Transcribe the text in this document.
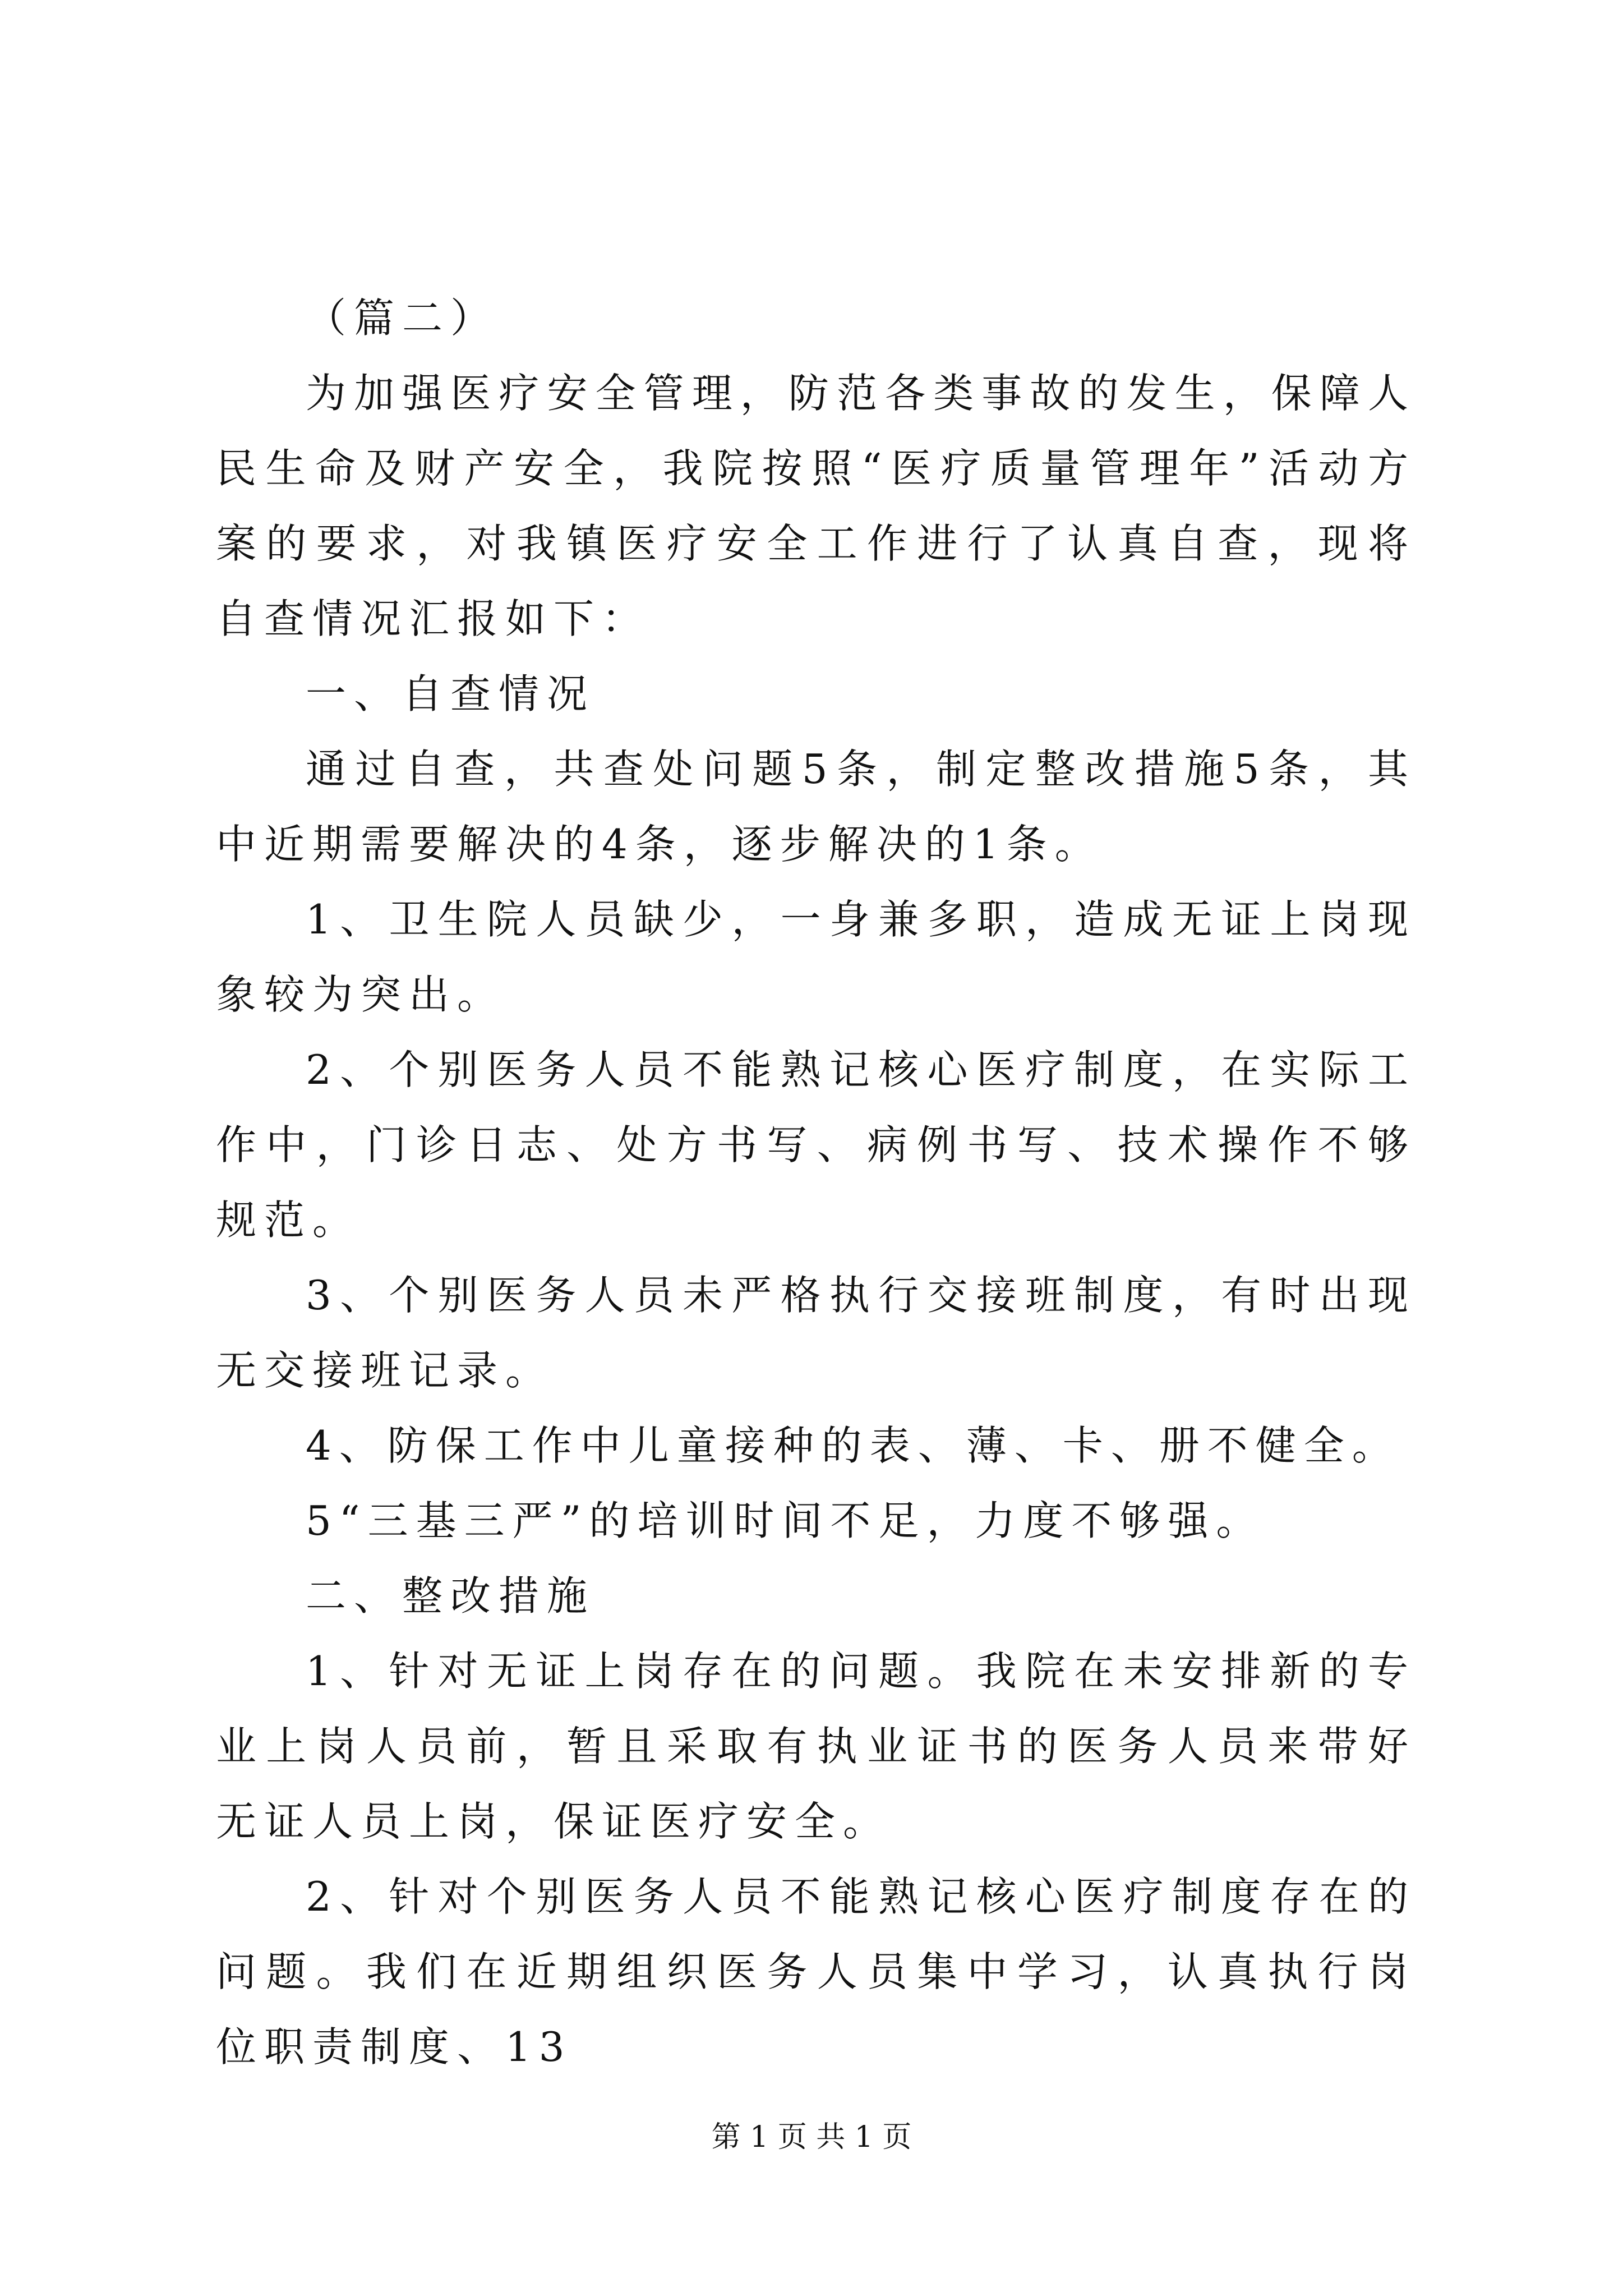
（篇二）

为加强医疗安全管理，防范各类事故的发生，保障人民生命及财产安全，我院按照“医疗质量管理年”活动方案的要求，对我镇医疗安全工作进行了认真自查，现将自查情况汇报如下：

一、自查情况

通过自查，共查处问题5条，制定整改措施5条，其中近期需要解决的4条，逐步解决的1条。

1、卫生院人员缺少，一身兼多职，造成无证上岗现象较为突出。

2、个别医务人员不能熟记核心医疗制度，在实际工作中，门诊日志、处方书写、病例书写、技术操作不够规范。

3、个别医务人员未严格执行交接班制度，有时出现无交接班记录。

4、防保工作中儿童接种的表、薄、卡、册不健全。

5“三基三严”的培训时间不足，力度不够强。

二、整改措施

1、针对无证上岗存在的问题。我院在未安排新的专业上岗人员前，暂且采取有执业证书的医务人员来带好无证人员上岗，保证医疗安全。

2、针对个别医务人员不能熟记核心医疗制度存在的问题。我们在近期组织医务人员集中学习，认真执行岗位职责制度、13

第 1 页 共 1 页
